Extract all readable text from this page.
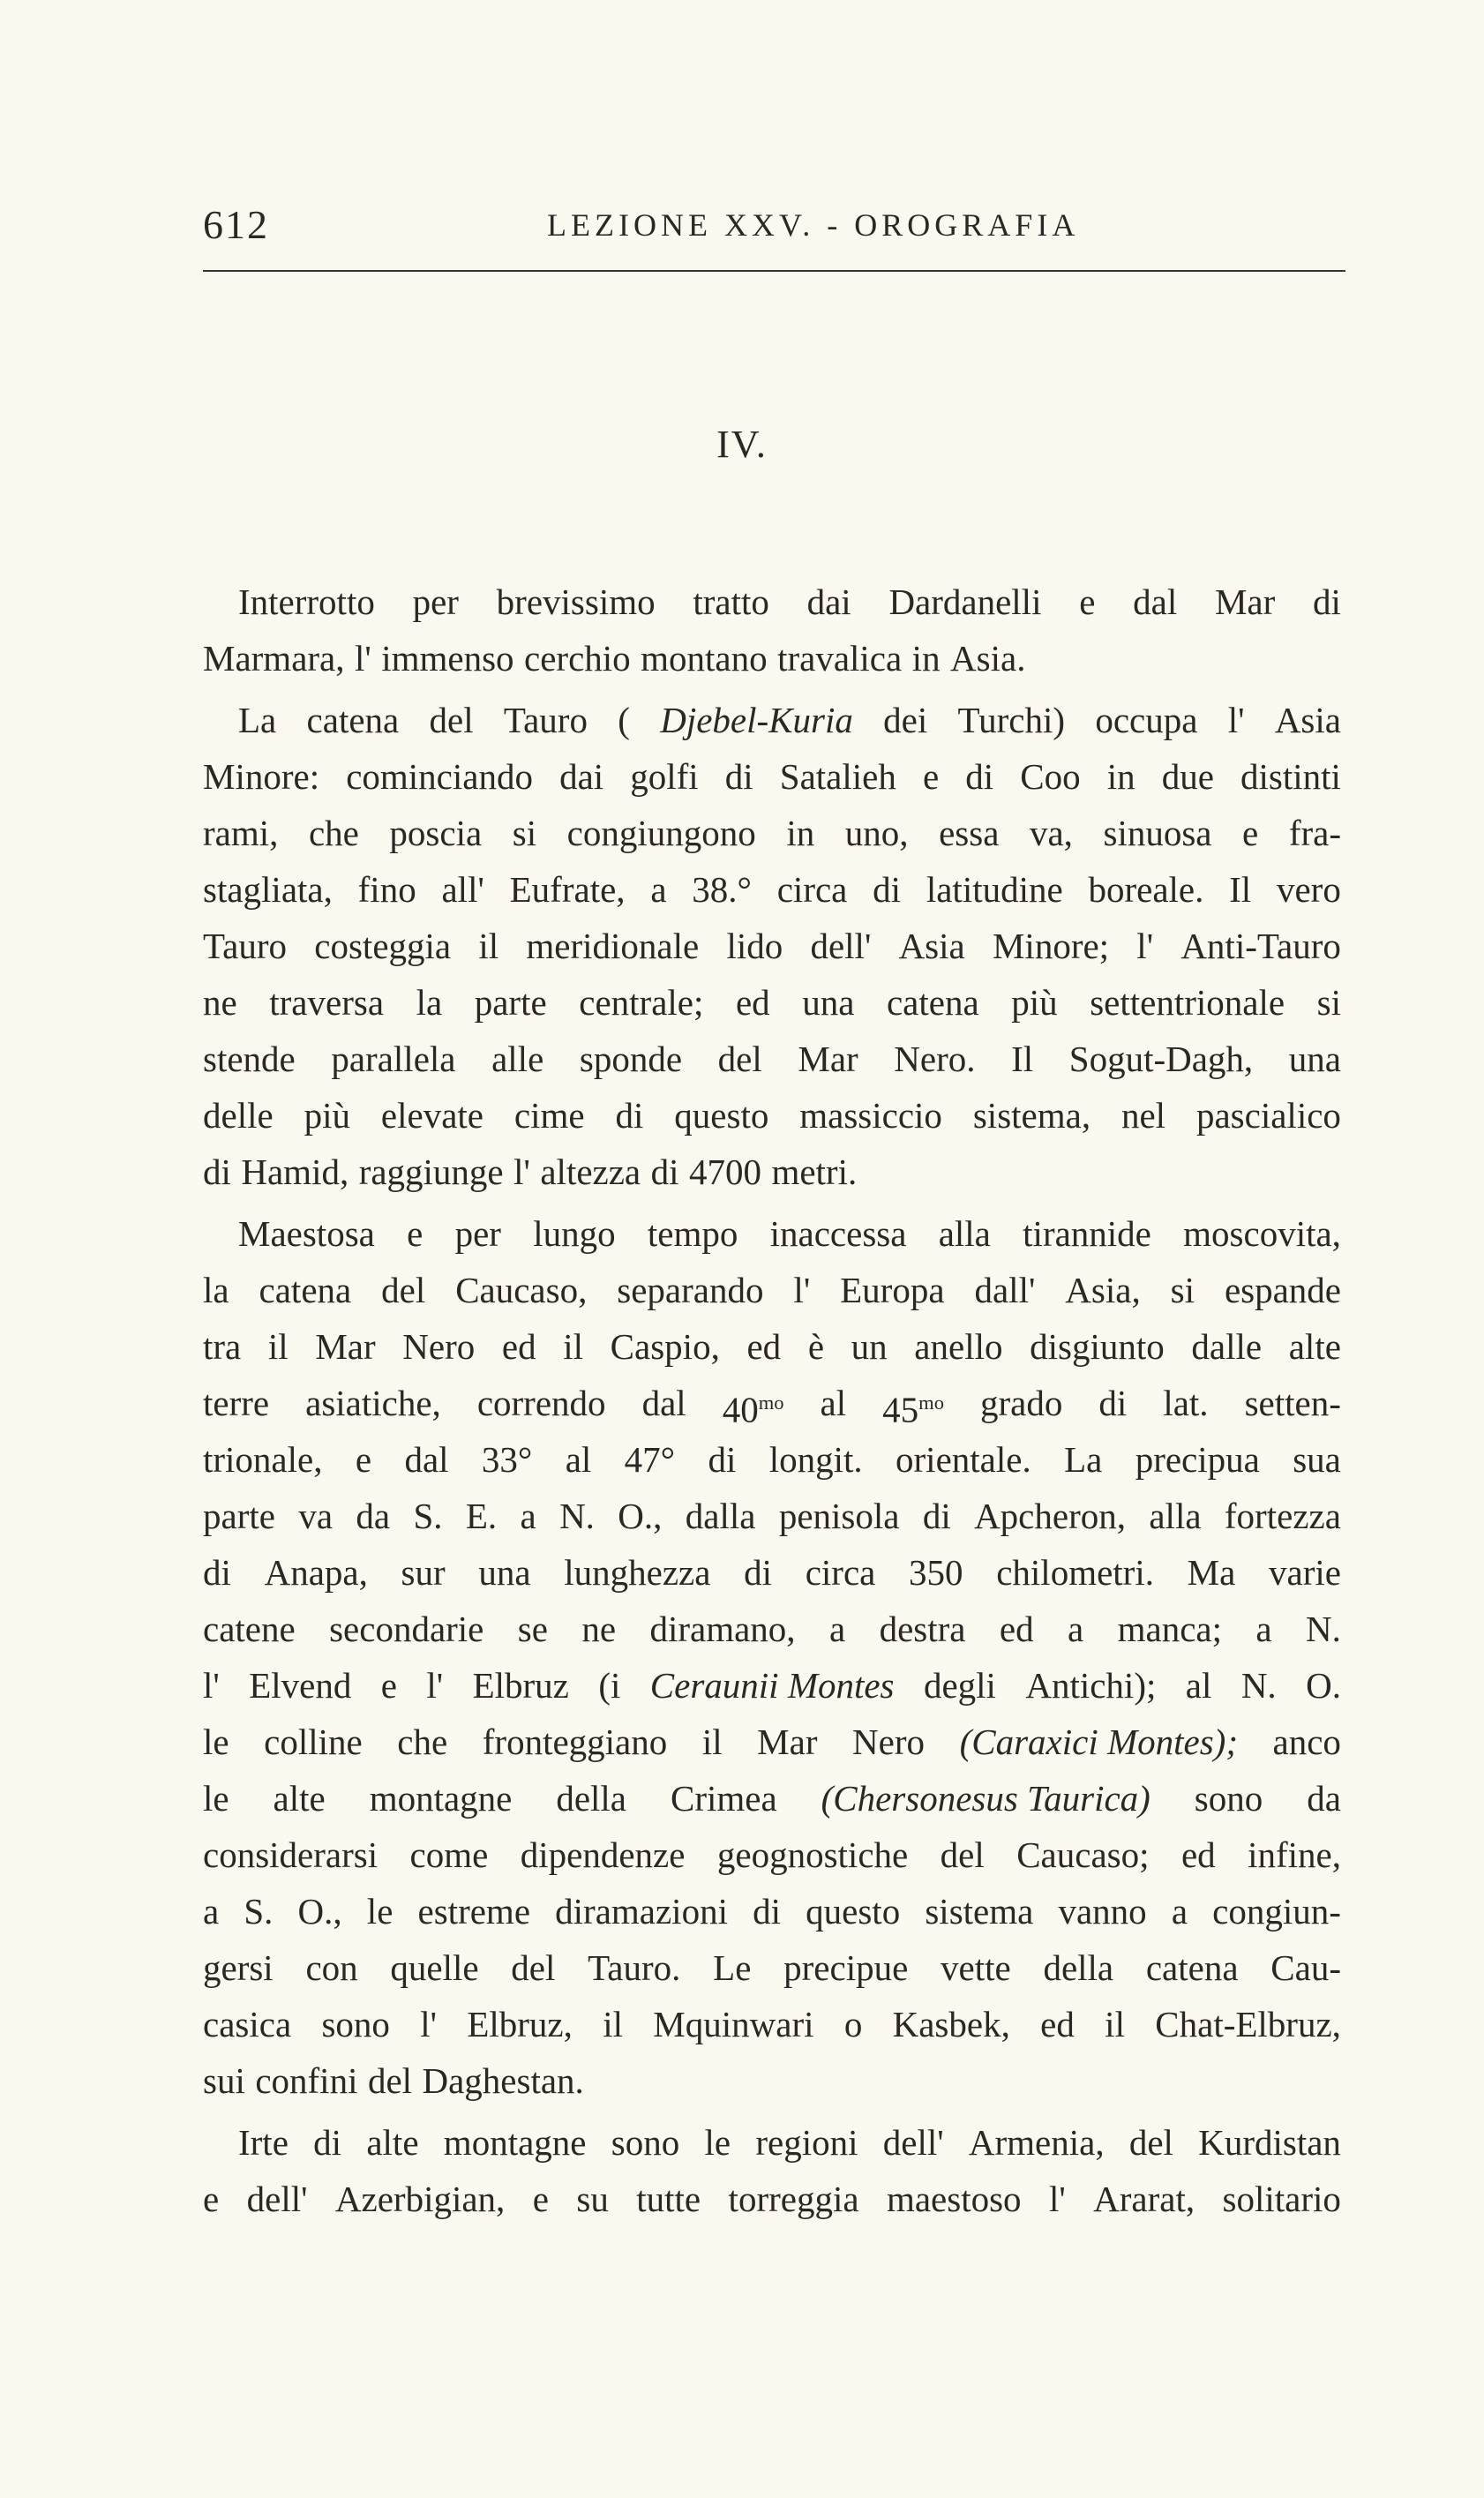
612	LEZIONE XXV. - OROGRAFIA
IV.
Interrotto per brevissimo tratto dai Dardanelli e dal Mar di
Marmara, l' immenso cerchio montano travalica in Asia.
La catena del Tauro ( Djebel-Kuria dei Turchi) occupa l' Asia
Minore: cominciando dai golfi di Satalieh e di Coo in due distinti
rami, che poscia si congiungono in uno, essa va, sinuosa e fra-
stagliata, fino all' Eufrate, a 38.° circa di latitudine boreale. Il vero
Tauro costeggia il meridionale lido dell' Asia Minore; l' Anti-Tauro
ne traversa la parte centrale; ed una catena più settentrionale si
stende parallela alle sponde del Mar Nero. Il Sogut-Dagh, una
delle più elevate cime di questo massiccio sistema, nel pascialico
di Hamid, raggiunge l' altezza di 4700 metri.
Maestosa e per lungo tempo inaccessa alla tirannide moscovita,
la catena del Caucaso, separando l' Europa dall' Asia, si espande
tra il Mar Nero ed il Caspio, ed è un anello disgiunto dalle alte
terre asiatiche, correndo dal $40^{mo}$ al $45^{mo}$ grado di lat. setten-
trionale, e dal 33° al 47° di longit. orientale. La precipua sua
parte va da S. E. a N. O., dalla penisola di Apcheron, alla fortezza
di Anapa, sur una lunghezza di circa 350 chilometri. Ma varie
catene secondarie se ne diramano, a destra ed a manca; a N.
l' Elvend e l' Elbruz (i Ceraunii Montes degli Antichi); al N. O.
le colline che fronteggiano il Mar Nero (Caraxici Montes); anco
le alte montagne della Crimea (Chersonesus Taurica) sono da
considerarsi come dipendenze geognostiche del Caucaso; ed infine,
a S. O., le estreme diramazioni di questo sistema vanno a congiun-
gersi con quelle del Tauro. Le precipue vette della catena Cau-
casica sono l' Elbruz, il Mquinwari o Kasbek, ed il Chat-Elbruz,
sui confini del Daghestan.
Irte di alte montagne sono le regioni dell' Armenia, del Kurdistan
e dell' Azerbigian, e su tutte torreggia maestoso l' Ararat, solitario
